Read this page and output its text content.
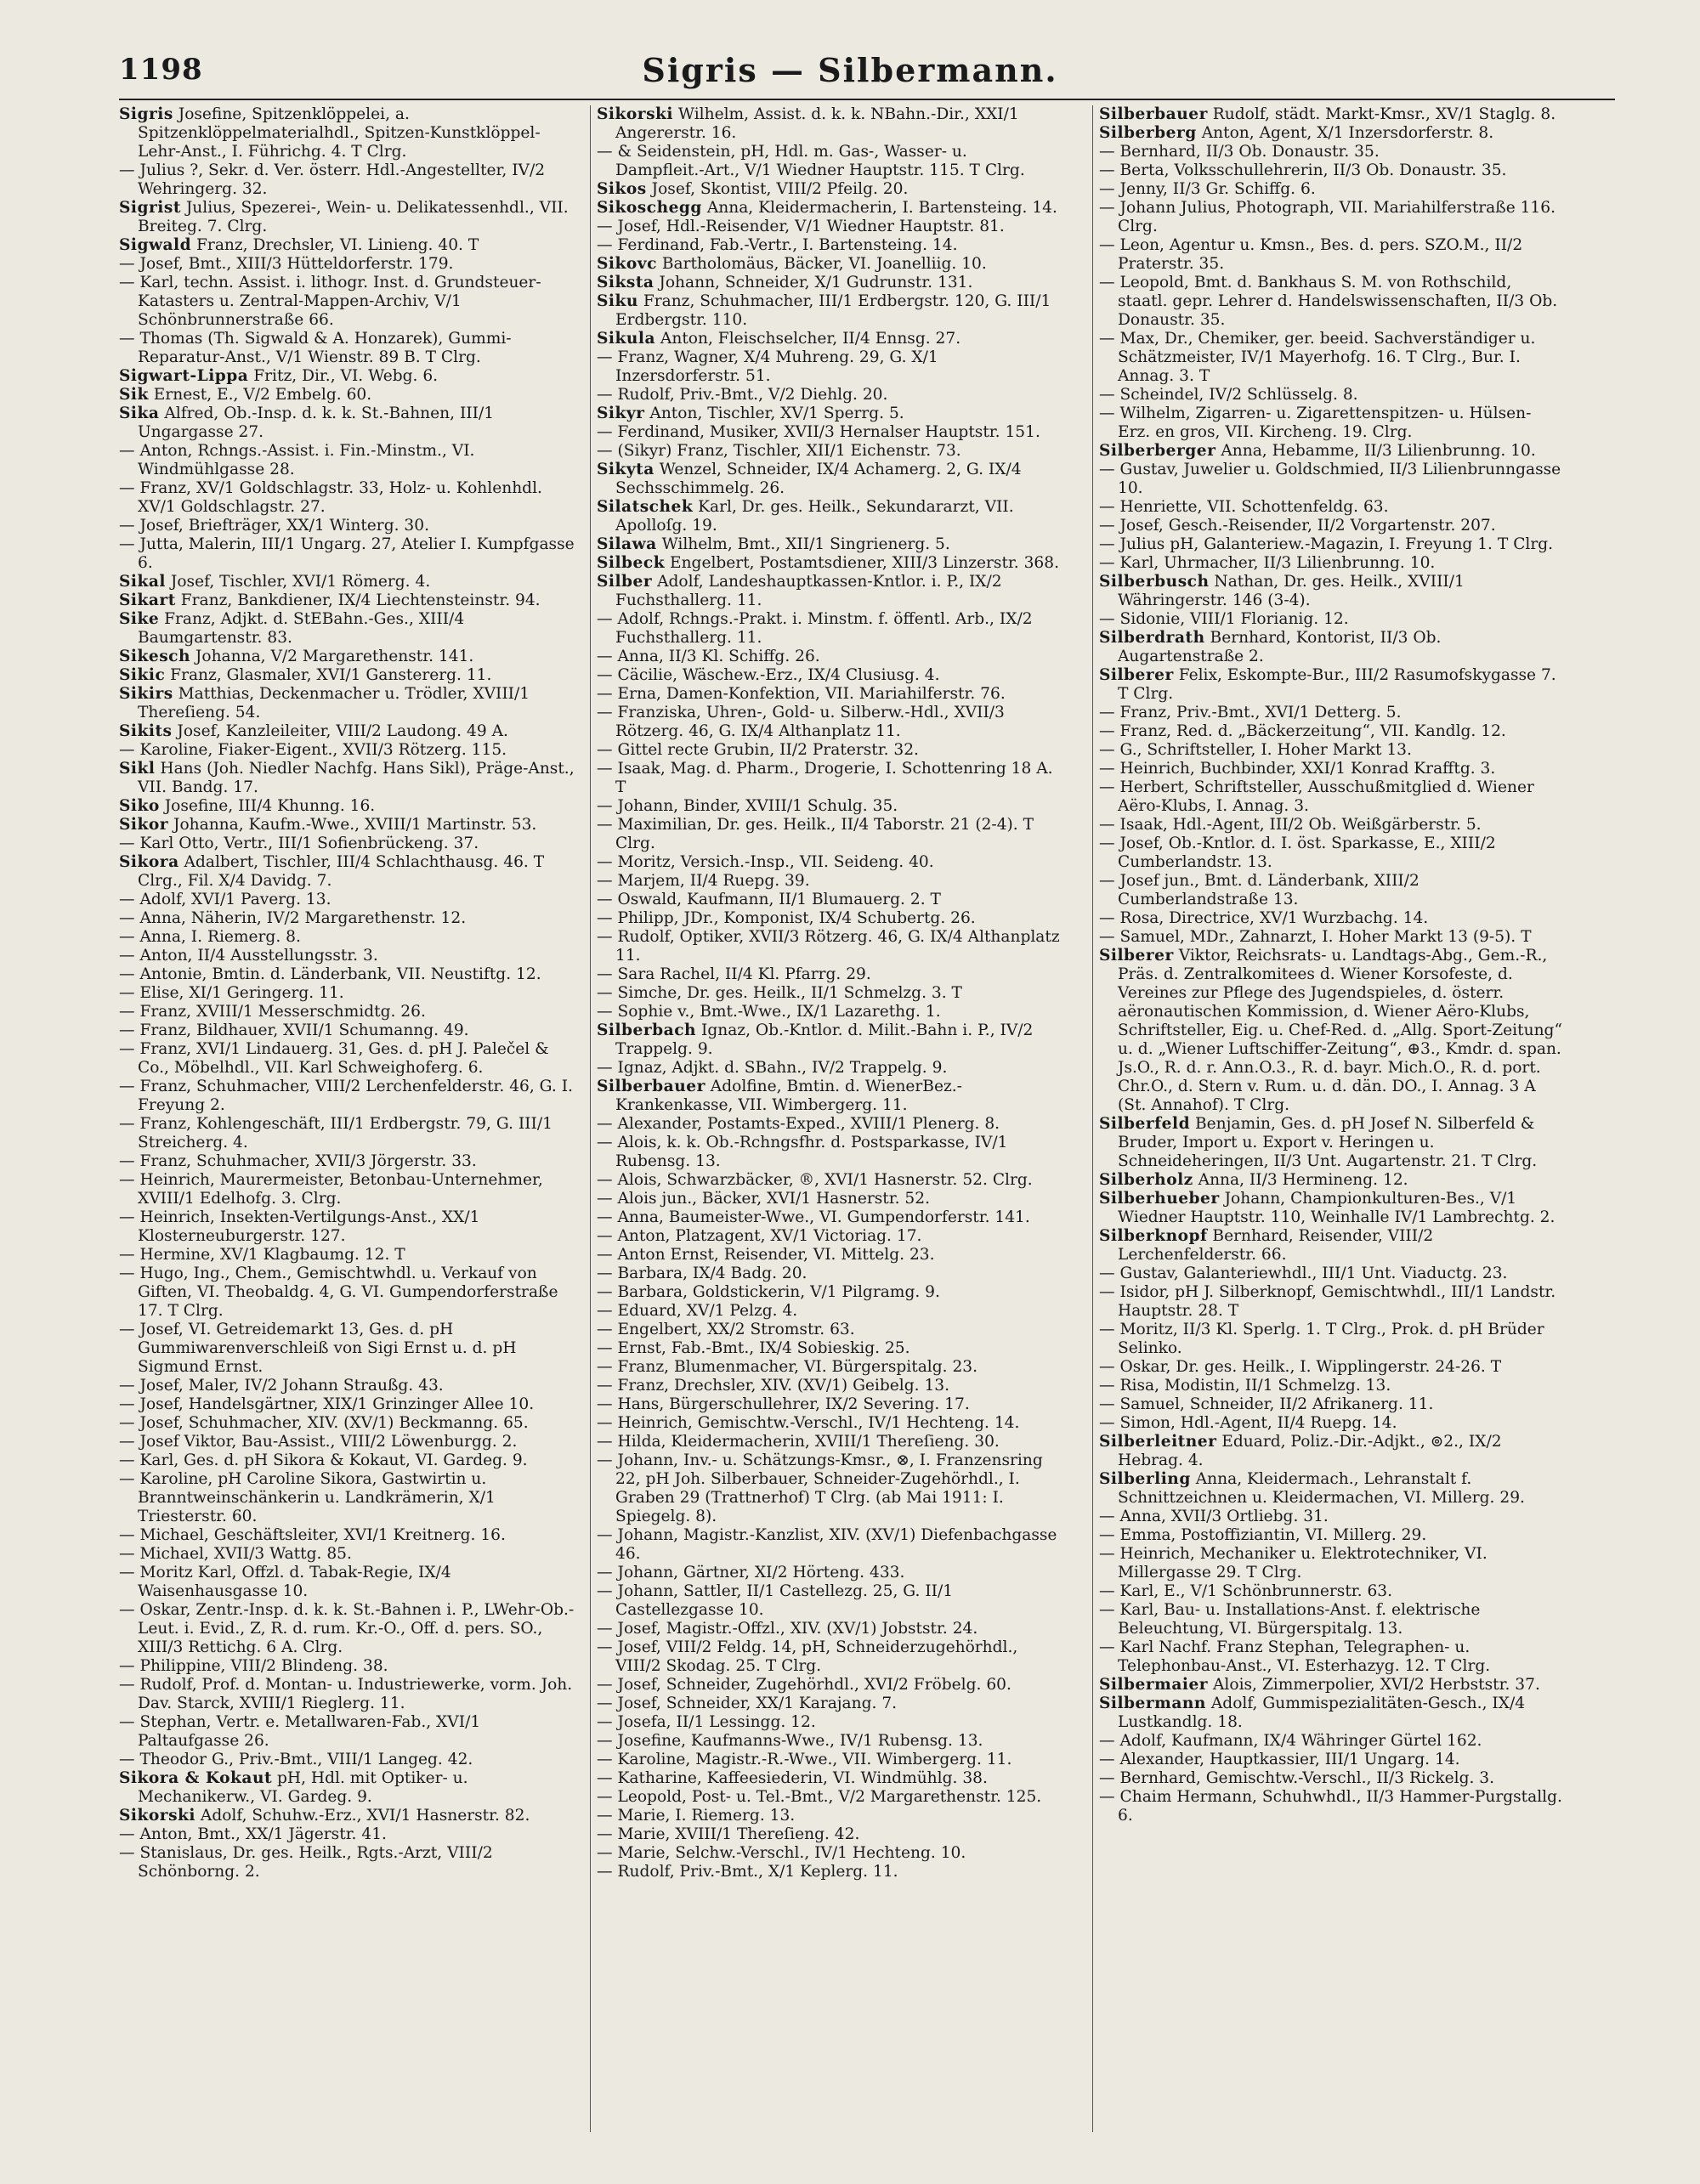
1198	Sigris — Silbermann.
Sigris Josefine, Spitzenklöppelei, a. Spitzenklöppelmaterialhdl., Spitzen-Kunstklöppel-Lehr-Anst., I. Führichg. 4. T Clrg.
— Julius ?, Sekr. d. Ver. österr. Hdl.-Angestellter, IV/2 Wehringerg. 32.
Sigrist Julius, Spezerei-, Wein- u. Delikatessenhdl., VII. Breiteg. 7. Clrg.
Sigwald Franz, Drechsler, VI. Linieng. 40. T
— Josef, Bmt., XIII/3 Hütteldorferstr. 179.
— Karl, techn. Assist. i. lithogr. Inst. d. Grundsteuer-Katasters u. Zentral-Mappen-Archiv, V/1 Schönbrunnerstraße 66.
— Thomas (Th. Sigwald & A. Honzarek), Gummi-Reparatur-Anst., V/1 Wienstr. 89 B. T Clrg.
Sigwart-Lippa Fritz, Dir., VI. Webg. 6.
Sik Ernest, E., V/2 Embelg. 60.
Sika Alfred, Ob.-Insp. d. k. k. St.-Bahnen, III/1 Ungargasse 27.
— Anton, Rchngs.-Assist. i. Fin.-Minstm., VI. Windmühlgasse 28.
— Franz, XV/1 Goldschlagstr. 33, Holz- u. Kohlenhdl. XV/1 Goldschlagstr. 27.
— Josef, Briefträger, XX/1 Winterg. 30.
— Jutta, Malerin, III/1 Ungarg. 27, Atelier I. Kumpfgasse 6.
Sikal Josef, Tischler, XVI/1 Römerg. 4.
Sikart Franz, Bankdiener, IX/4 Liechtensteinstr. 94.
Sike Franz, Adjkt. d. StEBahn.-Ges., XIII/4 Baumgartenstr. 83.
Sikesch Johanna, V/2 Margarethenstr. 141.
Sikic Franz, Glasmaler, XVI/1 Ganstererg. 11.
Sikirs Matthias, Deckenmacher u. Trödler, XVIII/1 Thereſieng. 54.
Sikits Josef, Kanzleileiter, VIII/2 Laudong. 49 A.
— Karoline, Fiaker-Eigent., XVII/3 Rötzerg. 115.
Sikl Hans (Joh. Niedler Nachfg. Hans Sikl), Präge-Anst., VII. Bandg. 17.
Siko Josefine, III/4 Khunng. 16.
Sikor Johanna, Kaufm.-Wwe., XVIII/1 Martinstr. 53.
— Karl Otto, Vertr., III/1 Sofienbrückeng. 37.
Sikora Adalbert, Tischler, III/4 Schlachthausg. 46. T Clrg., Fil. X/4 Davidg. 7.
— Adolf, XVI/1 Paverg. 13.
— Anna, Näherin, IV/2 Margarethenstr. 12.
— Anna, I. Riemerg. 8.
— Anton, II/4 Ausstellungsstr. 3.
— Antonie, Bmtin. d. Länderbank, VII. Neustiftg. 12.
— Elise, XI/1 Geringerg. 11.
— Franz, XVIII/1 Messerschmidtg. 26.
— Franz, Bildhauer, XVII/1 Schumanng. 49.
— Franz, XVI/1 Lindauerg. 31, Ges. d. pH J. Palečel & Co., Möbelhdl., VII. Karl Schweighoferg. 6.
— Franz, Schuhmacher, VIII/2 Lerchenfelderstr. 46, G. I. Freyung 2.
— Franz, Kohlengeschäft, III/1 Erdbergstr. 79, G. III/1 Streicherg. 4.
— Franz, Schuhmacher, XVII/3 Jörgerstr. 33.
— Heinrich, Maurermeister, Betonbau-Unternehmer, XVIII/1 Edelhofg. 3. Clrg.
— Heinrich, Insekten-Vertilgungs-Anst., XX/1 Klosterneuburgerstr. 127.
— Hermine, XV/1 Klagbaumg. 12. T
— Hugo, Ing., Chem., Gemischtwhdl. u. Verkauf von Giften, VI. Theobaldg. 4, G. VI. Gumpendorferstraße 17. T Clrg.
— Josef, VI. Getreidemarkt 13, Ges. d. pH Gummiwarenverschleiß von Sigi Ernst u. d. pH Sigmund Ernst.
— Josef, Maler, IV/2 Johann Straußg. 43.
— Josef, Handelsgärtner, XIX/1 Grinzinger Allee 10.
— Josef, Schuhmacher, XIV. (XV/1) Beckmanng. 65.
— Josef Viktor, Bau-Assist., VIII/2 Löwenburgg. 2.
— Karl, Ges. d. pH Sikora & Kokaut, VI. Gardeg. 9.
— Karoline, pH Caroline Sikora, Gastwirtin u. Branntweinschänkerin u. Landkrämerin, X/1 Triesterstr. 60.
— Michael, Geschäftsleiter, XVI/1 Kreitnerg. 16.
— Michael, XVII/3 Wattg. 85.
— Moritz Karl, Offzl. d. Tabak-Regie, IX/4 Waisenhausgasse 10.
— Oskar, Zentr.-Insp. d. k. k. St.-Bahnen i. P., LWehr-Ob.-Leut. i. Evid., Z, R. d. rum. Kr.-O., Off. d. pers. SO., XIII/3 Rettichg. 6 A. Clrg.
— Philippine, VIII/2 Blindeng. 38.
— Rudolf, Prof. d. Montan- u. Industriewerke, vorm. Joh. Dav. Starck, XVIII/1 Rieglerg. 11.
— Stephan, Vertr. e. Metallwaren-Fab., XVI/1 Paltaufgasse 26.
— Theodor G., Priv.-Bmt., VIII/1 Langeg. 42.
Sikora & Kokaut pH, Hdl. mit Optiker- u. Mechanikerw., VI. Gardeg. 9.
Sikorski Adolf, Schuhw.-Erz., XVI/1 Hasnerstr. 82.
— Anton, Bmt., XX/1 Jägerstr. 41.
— Stanislaus, Dr. ges. Heilk., Rgts.-Arzt, VIII/2 Schönborng. 2.
Sikorski Wilhelm, Assist. d. k. k. NBahn.-Dir., XXI/1 Angererstr. 16.
— & Seidenstein, pH, Hdl. m. Gas-, Wasser- u. Dampfleit.-Art., V/1 Wiedner Hauptstr. 115. T Clrg.
Sikos Josef, Skontist, VIII/2 Pfeilg. 20.
Sikoschegg Anna, Kleidermacherin, I. Bartensteing. 14.
— Josef, Hdl.-Reisender, V/1 Wiedner Hauptstr. 81.
— Ferdinand, Fab.-Vertr., I. Bartensteing. 14.
Sikovc Bartholomäus, Bäcker, VI. Joanelliig. 10.
Siksta Johann, Schneider, X/1 Gudrunstr. 131.
Siku Franz, Schuhmacher, III/1 Erdbergstr. 120, G. III/1 Erdbergstr. 110.
Sikula Anton, Fleischselcher, II/4 Ennsg. 27.
— Franz, Wagner, X/4 Muhreng. 29, G. X/1 Inzersdorferstr. 51.
— Rudolf, Priv.-Bmt., V/2 Diehlg. 20.
Sikyr Anton, Tischler, XV/1 Sperrg. 5.
— Ferdinand, Musiker, XVII/3 Hernalser Hauptstr. 151.
— (Sikyr) Franz, Tischler, XII/1 Eichenstr. 73.
Sikyta Wenzel, Schneider, IX/4 Achamerg. 2, G. IX/4 Sechsschimmelg. 26.
Silatschek Karl, Dr. ges. Heilk., Sekundararzt, VII. Apolloſg. 19.
Silawa Wilhelm, Bmt., XII/1 Singrienerg. 5.
Silbeck Engelbert, Postamtsdiener, XIII/3 Linzerstr. 368.
Silber Adolf, Landeshauptkassen-Kntlor. i. P., IX/2 Fuchsthallerg. 11.
— Adolf, Rchngs.-Prakt. i. Minstm. f. öffentl. Arb., IX/2 Fuchsthallerg. 11.
— Anna, II/3 Kl. Schiffg. 26.
— Cäcilie, Wäschew.-Erz., IX/4 Clusiusg. 4.
— Erna, Damen-Konfektion, VII. Mariahilferstr. 76.
— Franziska, Uhren-, Gold- u. Silberw.-Hdl., XVII/3 Rötzerg. 46, G. IX/4 Althanplatz 11.
— Gittel recte Grubin, II/2 Praterstr. 32.
— Isaak, Mag. d. Pharm., Drogerie, I. Schottenring 18 A. T
— Johann, Binder, XVIII/1 Schulg. 35.
— Maximilian, Dr. ges. Heilk., II/4 Taborstr. 21 (2-4). T Clrg.
— Moritz, Versich.-Insp., VII. Seideng. 40.
— Marjem, II/4 Ruepg. 39.
— Oswald, Kaufmann, II/1 Blumauerg. 2. T
— Philipp, JDr., Komponist, IX/4 Schubertg. 26.
— Rudolf, Optiker, XVII/3 Rötzerg. 46, G. IX/4 Althanplatz 11.
— Sara Rachel, II/4 Kl. Pfarrg. 29.
— Simche, Dr. ges. Heilk., II/1 Schmelzg. 3. T
— Sophie v., Bmt.-Wwe., IX/1 Lazarethg. 1.
Silberbach Ignaz, Ob.-Kntlor. d. Milit.-Bahn i. P., IV/2 Trappelg. 9.
— Ignaz, Adjkt. d. SBahn., IV/2 Trappelg. 9.
Silberbauer Adolfine, Bmtin. d. WienerBez.-Krankenkasse, VII. Wimbergerg. 11.
— Alexander, Postamts-Exped., XVIII/1 Plenerg. 8.
— Alois, k. k. Ob.-Rchngsfhr. d. Postsparkasse, IV/1 Rubensg. 13.
— Alois, Schwarzbäcker, ®, XVI/1 Hasnerstr. 52. Clrg.
— Alois jun., Bäcker, XVI/1 Hasnerstr. 52.
— Anna, Baumeister-Wwe., VI. Gumpendorferstr. 141.
— Anton, Platzagent, XV/1 Victoriag. 17.
— Anton Ernst, Reisender, VI. Mittelg. 23.
— Barbara, IX/4 Badg. 20.
— Barbara, Goldstickerin, V/1 Pilgramg. 9.
— Eduard, XV/1 Pelzg. 4.
— Engelbert, XX/2 Stromstr. 63.
— Ernst, Fab.-Bmt., IX/4 Sobieskig. 25.
— Franz, Blumenmacher, VI. Bürgerspitalg. 23.
— Franz, Drechsler, XIV. (XV/1) Geibelg. 13.
— Hans, Bürgerschullehrer, IX/2 Severing. 17.
— Heinrich, Gemischtw.-Verschl., IV/1 Hechteng. 14.
— Hilda, Kleidermacherin, XVIII/1 Thereſieng. 30.
— Johann, Inv.- u. Schätzungs-Kmsr., ⊗, I. Franzensring 22, pH Joh. Silberbauer, Schneider-Zugehörhdl., I. Graben 29 (Trattnerhof) T Clrg. (ab Mai 1911: I. Spiegelg. 8).
— Johann, Magistr.-Kanzlist, XIV. (XV/1) Diefenbachgasse 46.
— Johann, Gärtner, XI/2 Hörteng. 433.
— Johann, Sattler, II/1 Castellezg. 25, G. II/1 Castellezgasse 10.
— Josef, Magistr.-Offzl., XIV. (XV/1) Jobststr. 24.
— Josef, VIII/2 Feldg. 14, pH, Schneiderzugehörhdl., VIII/2 Skodag. 25. T Clrg.
— Josef, Schneider, Zugehörhdl., XVI/2 Fröbelg. 60.
— Josef, Schneider, XX/1 Karajang. 7.
— Josefa, II/1 Lessingg. 12.
— Josefine, Kaufmanns-Wwe., IV/1 Rubensg. 13.
— Karoline, Magistr.-R.-Wwe., VII. Wimbergerg. 11.
— Katharine, Kaffeesiederin, VI. Windmühlg. 38.
— Leopold, Post- u. Tel.-Bmt., V/2 Margarethenstr. 125.
— Marie, I. Riemerg. 13.
— Marie, XVIII/1 Thereſieng. 42.
— Marie, Selchw.-Verschl., IV/1 Hechteng. 10.
— Rudolf, Priv.-Bmt., X/1 Keplerg. 11.
Silberbauer Rudolf, städt. Markt-Kmsr., XV/1 Staglg. 8.
Silberberg Anton, Agent, X/1 Inzersdorferstr. 8.
— Bernhard, II/3 Ob. Donaustr. 35.
— Berta, Volksschullehrerin, II/3 Ob. Donaustr. 35.
— Jenny, II/3 Gr. Schiffg. 6.
— Johann Julius, Photograph, VII. Mariahilferstraße 116. Clrg.
— Leon, Agentur u. Kmsn., Bes. d. pers. SZO.M., II/2 Praterstr. 35.
— Leopold, Bmt. d. Bankhaus S. M. von Rothschild, staatl. gepr. Lehrer d. Handelswissenschaften, II/3 Ob. Donaustr. 35.
— Max, Dr., Chemiker, ger. beeid. Sachverständiger u. Schätzmeister, IV/1 Mayerhofg. 16. T Clrg., Bur. I. Annag. 3. T
— Scheindel, IV/2 Schlüsselg. 8.
— Wilhelm, Zigarren- u. Zigarettenspitzen- u. Hülsen-Erz. en gros, VII. Kircheng. 19. Clrg.
Silberberger Anna, Hebamme, II/3 Lilienbrunng. 10.
— Gustav, Juwelier u. Goldschmied, II/3 Lilienbrunngasse 10.
— Henriette, VII. Schottenfeldg. 63.
— Josef, Gesch.-Reisender, II/2 Vorgartenstr. 207.
— Julius pH, Galanteriew.-Magazin, I. Freyung 1. T Clrg.
— Karl, Uhrmacher, II/3 Lilienbrunng. 10.
Silberbusch Nathan, Dr. ges. Heilk., XVIII/1 Währingerstr. 146 (3-4).
— Sidonie, VIII/1 Florianig. 12.
Silberdrath Bernhard, Kontorist, II/3 Ob. Augartenstraße 2.
Silberer Felix, Eskompte-Bur., III/2 Rasumofskygasse 7. T Clrg.
— Franz, Priv.-Bmt., XVI/1 Detterg. 5.
— Franz, Red. d. „Bäckerzeitung“, VII. Kandlg. 12.
— G., Schriftsteller, I. Hoher Markt 13.
— Heinrich, Buchbinder, XXI/1 Konrad Krafftg. 3.
— Herbert, Schriftsteller, Ausschußmitglied d. Wiener Aëro-Klubs, I. Annag. 3.
— Isaak, Hdl.-Agent, III/2 Ob. Weißgärberstr. 5.
— Josef, Ob.-Kntlor. d. I. öst. Sparkasse, E., XIII/2 Cumberlandstr. 13.
— Josef jun., Bmt. d. Länderbank, XIII/2 Cumberlandstraße 13.
— Rosa, Directrice, XV/1 Wurzbachg. 14.
— Samuel, MDr., Zahnarzt, I. Hoher Markt 13 (9-5). T
Silberer Viktor, Reichsrats- u. Landtags-Abg., Gem.-R., Präs. d. Zentralkomitees d. Wiener Korsofeste, d. Vereines zur Pflege des Jugendspieles, d. österr. aëronautischen Kommission, d. Wiener Aëro-Klubs, Schriftsteller, Eig. u. Chef-Red. d. „Allg. Sport-Zeitung“ u. d. „Wiener Luftschiffer-Zeitung“, ⊕3., Kmdr. d. span. Js.O., R. d. r. Ann.O.3., R. d. bayr. Mich.O., R. d. port. Chr.O., d. Stern v. Rum. u. d. dän. DO., I. Annag. 3 A (St. Annahof). T Clrg.
Silberfeld Benjamin, Ges. d. pH Josef N. Silberfeld & Bruder, Import u. Export v. Heringen u. Schneideheringen, II/3 Unt. Augartenstr. 21. T Clrg.
Silberholz Anna, II/3 Hermineng. 12.
Silberhueber Johann, Championkulturen-Bes., V/1 Wiedner Hauptstr. 110, Weinhalle IV/1 Lambrechtg. 2.
Silberknopf Bernhard, Reisender, VIII/2 Lerchenfelderstr. 66.
— Gustav, Galanteriewhdl., III/1 Unt. Viaductg. 23.
— Isidor, pH J. Silberknopf, Gemischtwhdl., III/1 Landstr. Hauptstr. 28. T
— Moritz, II/3 Kl. Sperlg. 1. T Clrg., Prok. d. pH Brüder Selinko.
— Oskar, Dr. ges. Heilk., I. Wipplingerstr. 24-26. T
— Risa, Modistin, II/1 Schmelzg. 13.
— Samuel, Schneider, II/2 Afrikanerg. 11.
— Simon, Hdl.-Agent, II/4 Ruepg. 14.
Silberleitner Eduard, Poliz.-Dir.-Adjkt., ⊚2., IX/2 Hebrag. 4.
Silberling Anna, Kleidermach., Lehranstalt f. Schnittzeichnen u. Kleidermachen, VI. Millerg. 29.
— Anna, XVII/3 Ortliebg. 31.
— Emma, Postoffiziantin, VI. Millerg. 29.
— Heinrich, Mechaniker u. Elektrotechniker, VI. Millergasse 29. T Clrg.
— Karl, E., V/1 Schönbrunnerstr. 63.
— Karl, Bau- u. Installations-Anst. f. elektrische Beleuchtung, VI. Bürgerspitalg. 13.
— Karl Nachf. Franz Stephan, Telegraphen- u. Telephonbau-Anst., VI. Esterhazyg. 12. T Clrg.
Silbermaier Alois, Zimmerpolier, XVI/2 Herbststr. 37.
Silbermann Adolf, Gummispezialitäten-Gesch., IX/4 Lustkandlg. 18.
— Adolf, Kaufmann, IX/4 Währinger Gürtel 162.
— Alexander, Hauptkassier, III/1 Ungarg. 14.
— Bernhard, Gemischtw.-Verschl., II/3 Rickelg. 3.
— Chaim Hermann, Schuhwhdl., II/3 Hammer-Purgstallg. 6.
